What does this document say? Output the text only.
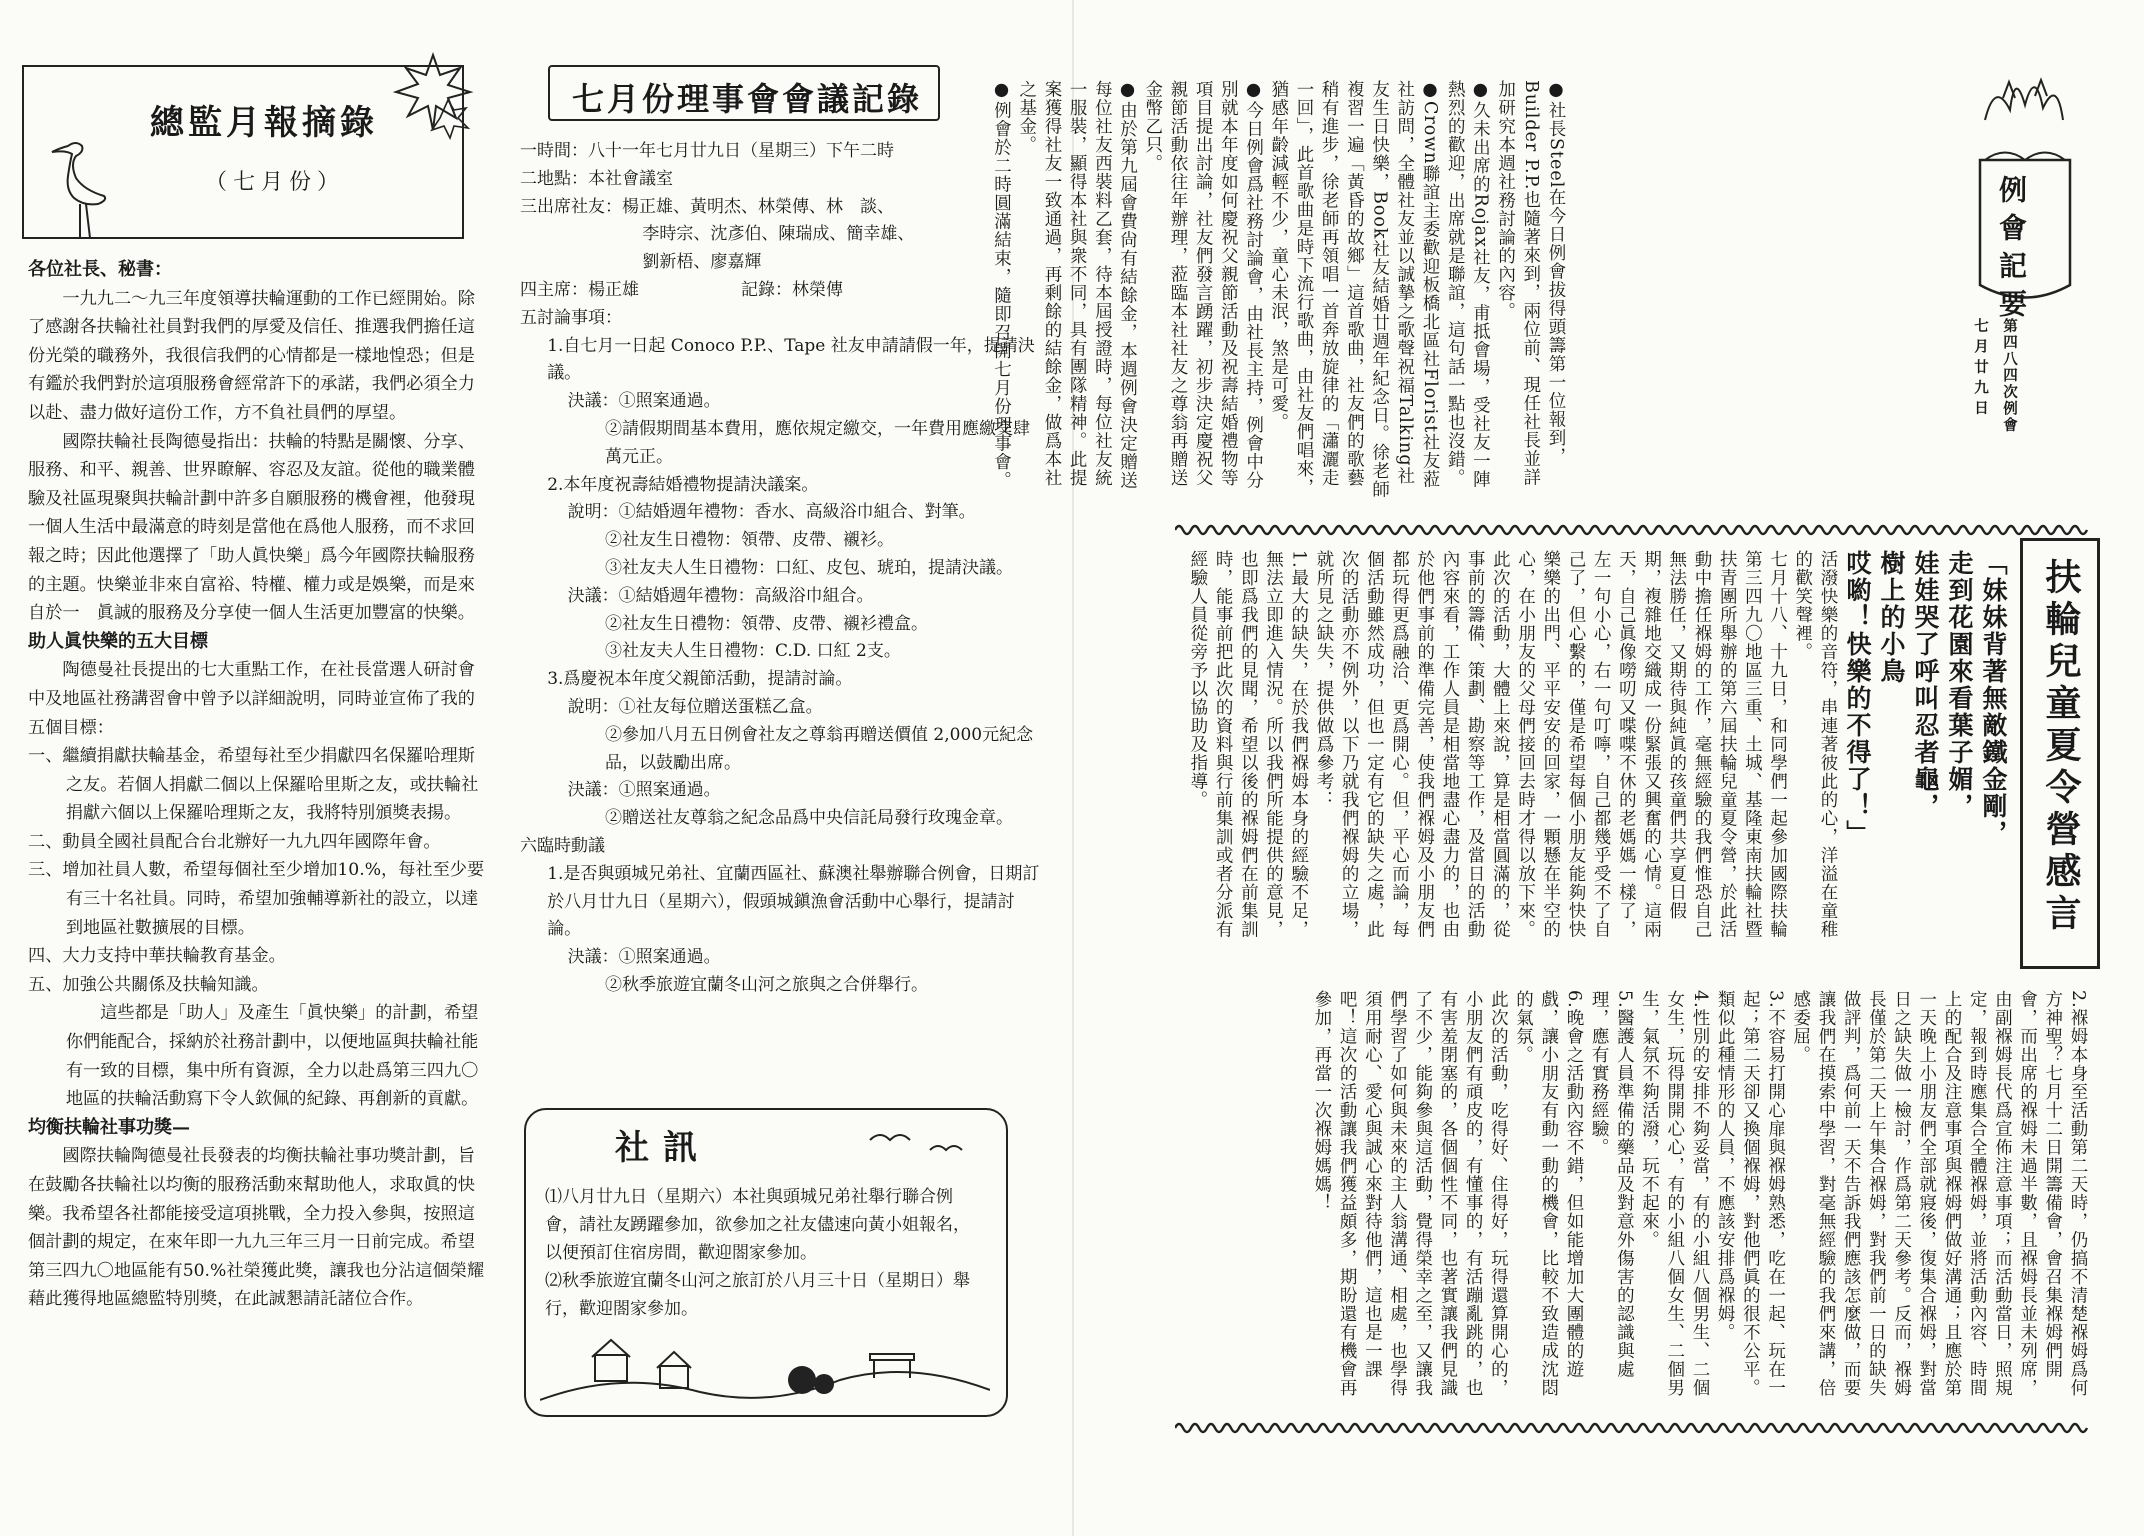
總監月報摘錄
（七月份）

各位社長、秘書：

一九九二～九三年度領導扶輪運動的工作已經開始。除了感謝各扶輪社社員對我們的厚愛及信任、推選我們擔任這份光榮的職務外，我很信我們的心情都是一樣地惶恐；但是有鑑於我們對於這項服務會經常許下的承諾，我們必須全力以赴、盡力做好這份工作，方不負社員們的厚望。

國際扶輪社長陶德曼指出：扶輪的特點是關懷、分享、服務、和平、親善、世界瞭解、容忍及友誼。從他的職業體驗及社區現聚與扶輪計劃中許多自願服務的機會裡，他發現一個人生活中最滿意的時刻是當他在爲他人服務，而不求回報之時；因此他選擇了「助人眞快樂」爲今年國際扶輪服務的主題。快樂並非來自富裕、特權、權力或是娛樂，而是來自於一　眞誠的服務及分享使一個人生活更加豐富的快樂。

助人眞快樂的五大目標

陶德曼社長提出的七大重點工作，在社長當選人研討會中及地區社務講習會中曾予以詳細說明，同時並宣佈了我的五個目標：

一、繼續捐獻扶輪基金，希望每社至少捐獻四名保羅哈理斯之友。若個人捐獻二個以上保羅哈里斯之友，或扶輪社捐獻六個以上保羅哈理斯之友，我將特別頒獎表揚。

二、動員全國社員配合台北辦好一九九四年國際年會。

三、增加社員人數，希望每個社至少增加10.%，每社至少要有三十名社員。同時，希望加強輔導新社的設立，以達到地區社數擴展的目標。

四、大力支持中華扶輪教育基金。

五、加強公共關係及扶輪知識。

這些都是「助人」及產生「眞快樂」的計劃，希望你們能配合，採納於社務計劃中，以便地區與扶輪社能有一致的目標，集中所有資源，全力以赴爲第三四九〇地區的扶輪活動寫下令人欽佩的紀錄、再創新的貢獻。

均衡扶輪社事功獎—

國際扶輪陶德曼社長發表的均衡扶輪社事功獎計劃，旨在鼓勵各扶輪社以均衡的服務活動來幫助他人，求取眞的快樂。我希望各社都能接受這項挑戰，全力投入參與，按照這個計劃的規定，在來年即一九九三年三月一日前完成。希望第三四九〇地區能有50.%社榮獲此獎，讓我也分沾這個榮耀藉此獲得地區總監特別獎，在此誠懇請託諸位合作。

七月份理事會會議記錄

一時間：八十一年七月廿九日（星期三）下午二時

二地點：本社會議室

三出席社友：楊正雄、黃明杰、林榮傳、林　談、

李時宗、沈彥伯、陳瑞成、簡幸雄、

劉新梧、廖嘉輝

四主席：楊正雄　　　　　　記錄：林榮傳

五討論事項：

1.自七月一日起 Conoco P.P.、Tape 社友申請請假一年，提請決議。

決議：①照案通過。

②請假期間基本費用，應依規定繳交，一年費用應繳交肆萬元正。

2.本年度祝壽結婚禮物提請決議案。

說明：①結婚週年禮物：香水、高級浴巾組合、對筆。

②社友生日禮物：領帶、皮帶、襯衫。

③社友夫人生日禮物：口紅、皮包、琥珀，提請決議。

決議：①結婚週年禮物：高級浴巾組合。

②社友生日禮物：領帶、皮帶、襯衫禮盒。

③社友夫人生日禮物：C.D. 口紅 2支。

3.爲慶祝本年度父親節活動，提請討論。

說明：①社友每位贈送蛋糕乙盒。

②參加八月五日例會社友之尊翁再贈送價值 2,000元紀念品，以鼓勵出席。

決議：①照案通過。

②贈送社友尊翁之紀念品爲中央信託局發行玫瑰金章。

六臨時動議

1.是否與頭城兄弟社、宜蘭西區社、蘇澳社舉辦聯合例會，日期訂於八月廿九日（星期六），假頭城鎭漁會活動中心舉行，提請討論。

決議：①照案通過。

②秋季旅遊宜蘭冬山河之旅與之合併舉行。

社訊

⑴八月廿九日（星期六）本社與頭城兄弟社舉行聯合例會，請社友踴躍參加，欲參加之社友儘速向黃小姐報名，以便預訂住宿房間，歡迎閤家參加。

⑵秋季旅遊宜蘭冬山河之旅訂於八月三十日（星期日）舉行，歡迎閤家參加。

例會記要
第四八四次例會
七月廿九日

●社長Steel在今日例會拔得頭籌第一位報到，Builder P.P.也隨著來到，兩位前、現任社長並詳加研究本週社務討論的內容。

●久未出席的Rojax社友，甫抵會場，受社友一陣熱烈的歡迎，出席就是聯誼，這句話一點也沒錯。

●Crown聯誼主委歡迎板橋北區社Florist社友蒞社訪問，全體社友並以誠摯之歌聲祝福Talking社友生日快樂，Book社友結婚廿週年紀念日。徐老師複習一遍「黃昏的故鄉」這首歌曲，社友們的歌藝稍有進步，徐老師再領唱一首奔放旋律的「瀟灑走一回」，此首歌曲是時下流行歌曲，由社友們唱來，猶感年齡減輕不少，童心未泯，煞是可愛。

●今日例會爲社務討論會，由社長主持，例會中分別就本年度如何慶祝父親節活動及祝壽結婚禮物等項目提出討論，社友們發言踴躍，初步決定慶祝父親節活動依往年辦理，蒞臨本社社友之尊翁再贈送金幣乙只。

●由於第九屆會費尙有結餘金，本週例會決定贈送每位社友西裝料乙套，待本屆授證時，每位社友統一服裝，顯得本社與衆不同，具有團隊精神。此提案獲得社友一致通過，再剩餘的結餘金，做爲本社之基金。

●例會於二時圓滿結束，隨即召開七月份理事會。

扶輪兒童夏令營感言

「妹妹背著無敵鐵金剛，

走到花園來看葉子媚，

娃娃哭了呼叫忍者龜，

樹上的小鳥

哎喲！快樂的不得了！」

活潑快樂的音符，串連著彼此的心，洋溢在童稚的歡笑聲裡。

七月十八、十九日，和同學們一起參加國際扶輪第三四九〇地區三重、土城、基隆東南扶輪社暨扶青團所舉辦的第六屆扶輪兒童夏令營，於此活動中擔任褓姆的工作，毫無經驗的我們惟恐自己無法勝任，又期待與純眞的孩童們共享夏日假期，複雜地交織成一份緊張又興奮的心情。這兩天，自己眞像嘮叨又喋喋不休的老媽媽一樣了，左一句小心，右一句叮嚀，自己都幾乎受不了自己了，但心繫的，僅是希望每個小朋友能夠快快樂樂的出門、平平安安的回家，一顆懸在半空的心，在小朋友的父母們接回去時才得以放下來。

此次的活動，大體上來說，算是相當圓滿的，從事前的籌備、策劃、勘察等工作，及當日的活動內容來看，工作人員是相當地盡心盡力的，也由於他們事前的準備完善，使我們褓姆及小朋友們都玩得更爲融洽、更爲開心。但，平心而論，每個活動雖然成功，但也一定有它的缺失之處，此次的活動亦不例外，以下乃就我們褓姆的立場，就所見之缺失，提供做爲參考：

1.最大的缺失，在於我們褓姆本身的經驗不足，無法立即進入情況。所以我們所能提供的意見，也即爲我們的見聞，希望以後的褓姆們在前集訓時，能事前把此次的資料與行前集訓或者分派有經驗人員從旁予以協助及指導。

2.褓姆本身至活動第二天時，仍搞不清楚褓姆爲何方神聖？七月十二日開籌備會，會召集褓姆們開會，而出席的褓姆未過半數，且褓姆長並未列席，由副褓姆長代爲宣佈注意事項；而活動當日，照規定，報到時應集合全體褓姆，並將活動內容、時間上的配合及注意事項與褓姆們做好溝通；且應於第一天晚上小朋友們全部就寢後，復集合褓姆，對當日之缺失做一檢討，作爲第二天參考。反而，褓姆長僅於第二天上午集合褓姆，對我們前一日的缺失做評判，爲何前一天不告訴我們應該怎麼做，而要讓我們在摸索中學習，對毫無經驗的我們來講，倍感委屈。

3.不容易打開心扉與褓姆熟悉，吃在一起、玩在一起；第二天卻又換個褓姆，對他們眞的很不公平。類似此種情形的人員，不應該安排爲褓姆。

4.性別的安排不夠妥當，有的小組八個男生、二個女生，玩得開開心心，有的小組八個女生、二個男生，氣氛不夠活潑，玩不起來。

5.醫護人員準備的藥品及對意外傷害的認識與處理，應有實務經驗。

6.晚會之活動內容不錯，但如能增加大團體的遊戲，讓小朋友有動一動的機會，比較不致造成沈悶的氣氛。

此次的活動，吃得好、住得好，玩得還算開心的，小朋友們有頑皮的，有懂事的，有活蹦亂跳的，也有害羞閉塞的，各個個性不同，也著實讓我們見識了不少，能夠參與這活動，覺得榮幸之至，又讓我們學習了如何與未來的主人翁溝通、相處，也學得須用耐心、愛心與誠心來對待他們，這也是一課吧！這次的活動讓我們獲益頗多，期盼還有機會再參加，再當一次褓姆媽媽！
